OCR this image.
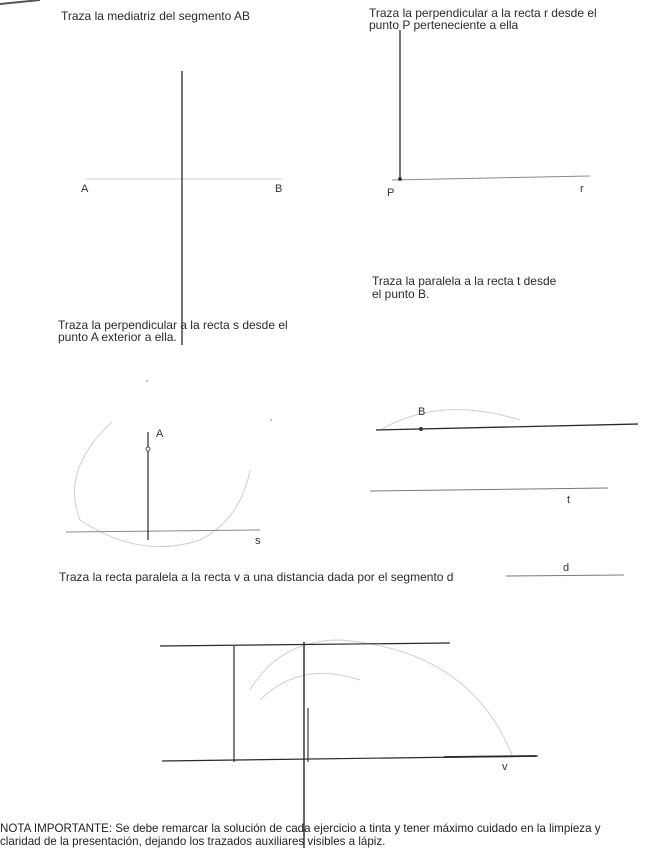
Traza la mediatriz del segmento AB
A	B
Traza la perpendicular a la recta r desde el
punto P perteneciente a ella
P	r
Traza la paralela a la recta t desde
el punto B.
B
t
Traza la perpendicular a la recta s desde el
punto A exterior a ella.
A
s
Traza la recta paralela a la recta v a una distancia dada por el segmento d
d
v
NOTA IMPORTANTE: Se debe remarcar la solución de cada ejercicio a tinta y tener máximo cuidado en la limpieza y
claridad de la presentación, dejando los trazados auxiliares visibles a lápiz.
